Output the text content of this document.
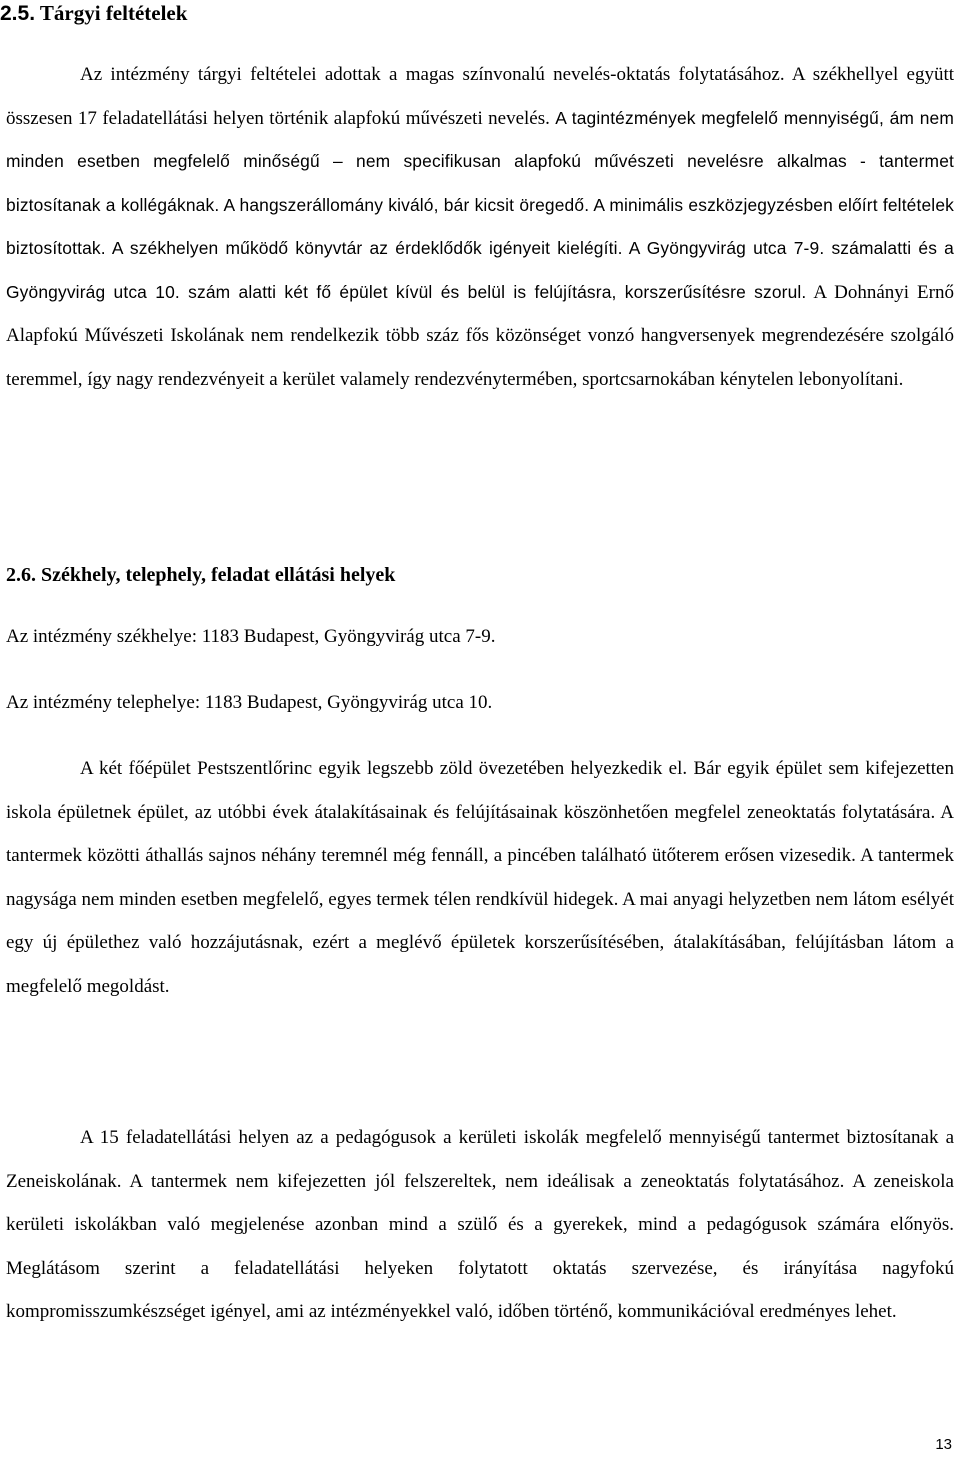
2.5. Tárgyi feltételek

Az intézmény tárgyi feltételei adottak a magas színvonalú nevelés-oktatás folytatásához. A székhellyel együtt összesen 17 feladatellátási helyen történik alapfokú művészeti nevelés. A tagintézmények megfelelő mennyiségű, ám nem minden esetben megfelelő minőségű – nem specifikusan alapfokú művészeti nevelésre alkalmas - tantermet biztosítanak a kollégáknak. A hangszerállomány kiváló, bár kicsit öregedő. A minimális eszközjegyzésben előírt feltételek biztosítottak. A székhelyen működő könyvtár az érdeklődők igényeit kielégíti. A Gyöngyvirág utca 7-9. számalatti és a Gyöngyvirág utca 10. szám alatti két fő épület kívül és belül is felújításra, korszerűsítésre szorul. A Dohnányi Ernő Alapfokú Művészeti Iskolának nem rendelkezik több száz fős közönséget vonzó hangversenyek megrendezésére szolgáló teremmel, így nagy rendezvényeit a kerület valamely rendezvénytermében, sportcsarnokában kénytelen lebonyolítani.

2.6. Székhely, telephely, feladat ellátási helyek

Az intézmény székhelye: 1183 Budapest, Gyöngyvirág utca 7-9.

Az intézmény telephelye: 1183 Budapest, Gyöngyvirág utca 10.

A két főépület Pestszentlőrinc egyik legszebb zöld övezetében helyezkedik el. Bár egyik épület sem kifejezetten iskola épületnek épület, az utóbbi évek átalakításainak és felújításainak köszönhetően megfelel zeneoktatás folytatására. A tantermek közötti áthallás sajnos néhány teremnél még fennáll, a pincében található ütőterem erősen vizesedik. A tantermek nagysága nem minden esetben megfelelő, egyes termek télen rendkívül hidegek. A mai anyagi helyzetben nem látom esélyét egy új épülethez való hozzájutásnak, ezért a meglévő épületek korszerűsítésében, átalakításában, felújításban látom a megfelelő megoldást.

A 15 feladatellátási helyen az a pedagógusok a kerületi iskolák megfelelő mennyiségű tantermet biztosítanak a Zeneiskolának. A tantermek nem kifejezetten jól felszereltek, nem ideálisak a zeneoktatás folytatásához. A zeneiskola kerületi iskolákban való megjelenése azonban mind a szülő és a gyerekek, mind a pedagógusok számára előnyös. Meglátásom szerint a feladatellátási helyeken folytatott oktatás szervezése, és irányítása nagyfokú kompromisszumkészséget igényel, ami az intézményekkel való, időben történő, kommunikációval eredményes lehet.

13
